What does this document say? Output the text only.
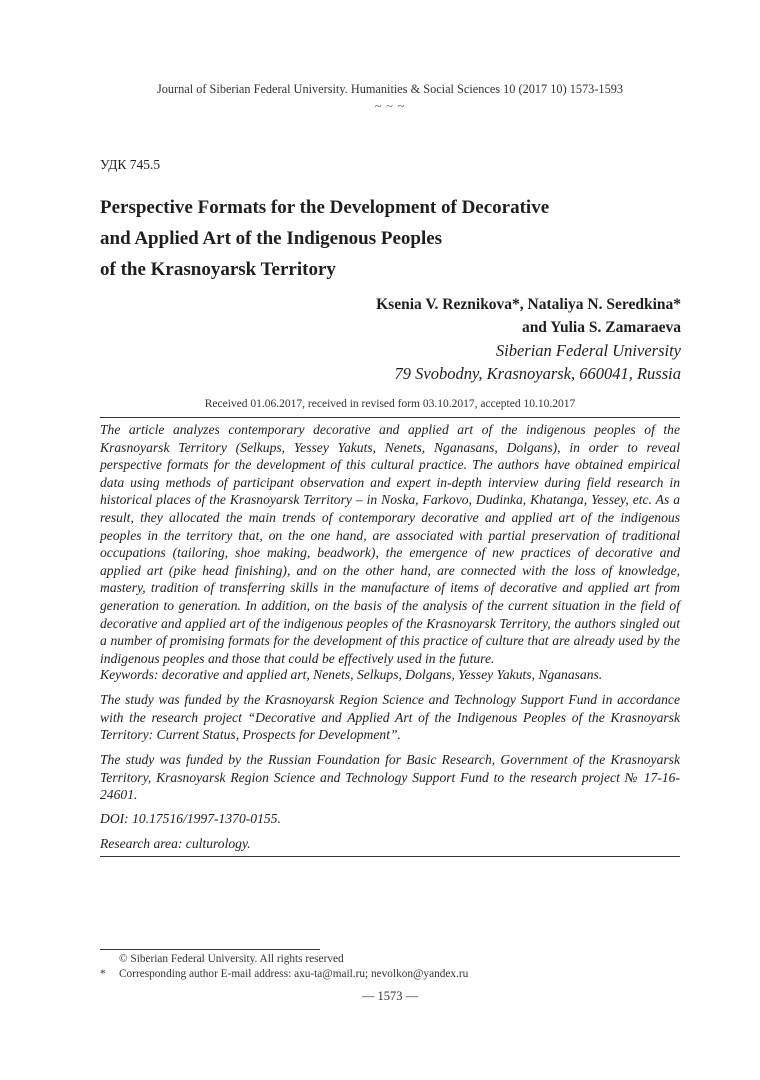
Journal of Siberian Federal University. Humanities & Social Sciences 10 (2017 10) 1573-1593
~ ~ ~
УДК 745.5
Perspective Formats for the Development of Decorative
and Applied Art of the Indigenous Peoples
of the Krasnoyarsk Territory
Ksenia V. Reznikova*, Nataliya N. Seredkina*
and Yulia S. Zamaraeva
Siberian Federal University
79 Svobodny, Krasnoyarsk, 660041, Russia
Received 01.06.2017, received in revised form 03.10.2017, accepted 10.10.2017
The article analyzes contemporary decorative and applied art of the indigenous peoples of the Krasnoyarsk Territory (Selkups, Yessey Yakuts, Nenets, Nganasans, Dolgans), in order to reveal perspective formats for the development of this cultural practice. The authors have obtained empirical data using methods of participant observation and expert in-depth interview during field research in historical places of the Krasnoyarsk Territory – in Noska, Farkovo, Dudinka, Khatanga, Yessey, etc. As a result, they allocated the main trends of contemporary decorative and applied art of the indigenous peoples in the territory that, on the one hand, are associated with partial preservation of traditional occupations (tailoring, shoe making, beadwork), the emergence of new practices of decorative and applied art (pike head finishing), and on the other hand, are connected with the loss of knowledge, mastery, tradition of transferring skills in the manufacture of items of decorative and applied art from generation to generation. In addition, on the basis of the analysis of the current situation in the field of decorative and applied art of the indigenous peoples of the Krasnoyarsk Territory, the authors singled out a number of promising formats for the development of this practice of culture that are already used by the indigenous peoples and those that could be effectively used in the future.
Keywords: decorative and applied art, Nenets, Selkups, Dolgans, Yessey Yakuts, Nganasans.
The study was funded by the Krasnoyarsk Region Science and Technology Support Fund in accordance with the research project “Decorative and Applied Art of the Indigenous Peoples of the Krasnoyarsk Territory: Current Status, Prospects for Development”.
The study was funded by the Russian Foundation for Basic Research, Government of the Krasnoyarsk Territory, Krasnoyarsk Region Science and Technology Support Fund to the research project № 17-16-24601.
DOI: 10.17516/1997-1370-0155.
Research area: culturology.
© Siberian Federal University. All rights reserved
* Corresponding author E-mail address: axu-ta@mail.ru; nevolkon@yandex.ru
— 1573 —
